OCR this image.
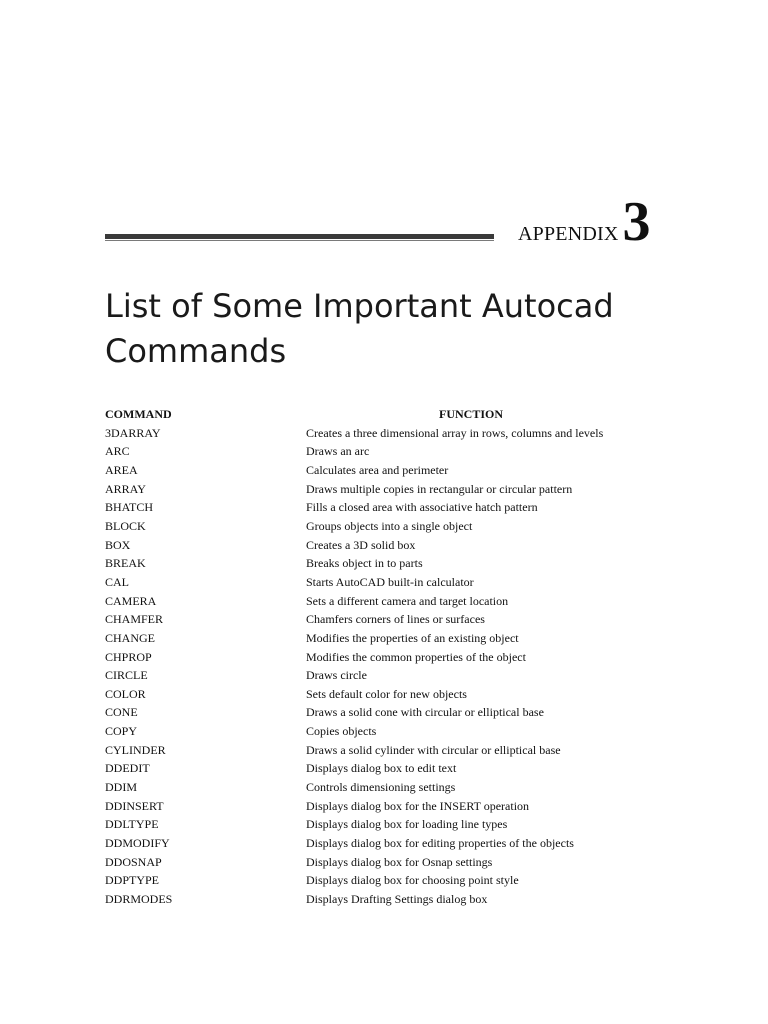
APPENDIX 3
List of Some Important Autocad
Commands
COMMAND	FUNCTION
3DARRAY	Creates a three dimensional array in rows, columns and levels
ARC	Draws an arc
AREA	Calculates area and perimeter
ARRAY	Draws multiple copies in rectangular or circular pattern
BHATCH	Fills a closed area with associative hatch pattern
BLOCK	Groups objects into a single object
BOX	Creates a 3D solid box
BREAK	Breaks object in to parts
CAL	Starts AutoCAD built-in calculator
CAMERA	Sets a different camera and target location
CHAMFER	Chamfers corners of lines or surfaces
CHANGE	Modifies the properties of an existing object
CHPROP	Modifies the common properties of the object
CIRCLE	Draws circle
COLOR	Sets default color for new objects
CONE	Draws a solid cone with circular or elliptical base
COPY	Copies objects
CYLINDER	Draws a solid cylinder with circular or elliptical base
DDEDIT	Displays dialog box to edit text
DDIM	Controls dimensioning settings
DDINSERT	Displays dialog box for the INSERT operation
DDLTYPE	Displays dialog box for loading line types
DDMODIFY	Displays dialog box for editing properties of the objects
DDOSNAP	Displays dialog box for Osnap settings
DDPTYPE	Displays dialog box for choosing point style
DDRMODES	Displays Drafting Settings dialog box
